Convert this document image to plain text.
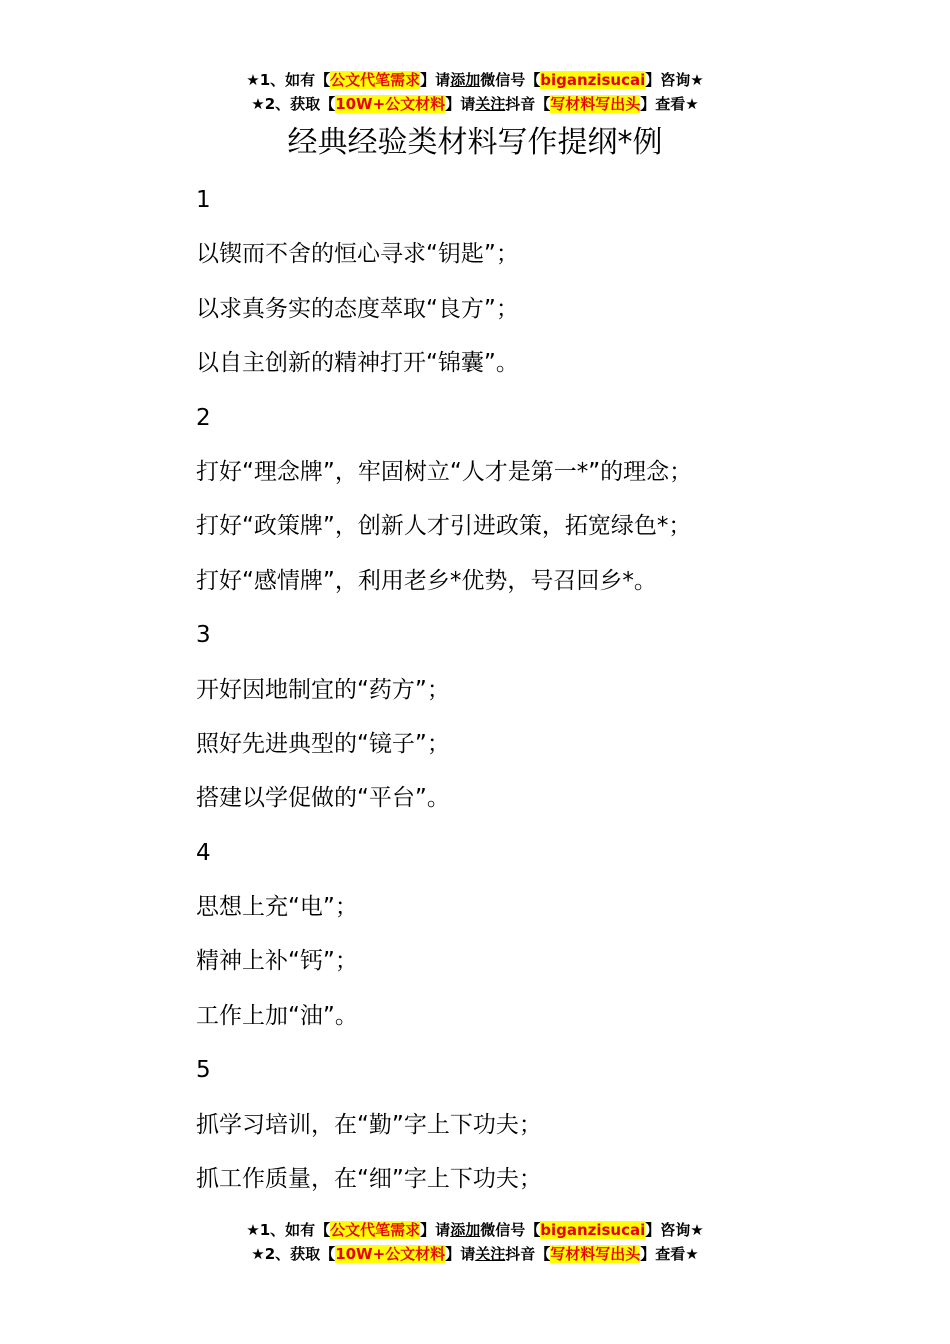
★1、如有【公文代笔需求】请添加微信号【biganzisucai】咨询★
★2、获取【10W+公文材料】请关注抖音【写材料写出头】查看★
经典经验类材料写作提纲*例

1

以锲而不舍的恒心寻求“钥匙”；

以求真务实的态度萃取“良方”；

以自主创新的精神打开“锦囊”。

2

打好“理念牌”，牢固树立“人才是第一*”的理念；

打好“政策牌”，创新人才引进政策，拓宽绿色*；

打好“感情牌”，利用老乡*优势，号召回乡*。

3

开好因地制宜的“药方”；

照好先进典型的“镜子”；

搭建以学促做的“平台”。

4

思想上充“电”；

精神上补“钙”；

工作上加“油”。

5

抓学习培训，在“勤”字上下功夫；

抓工作质量，在“细”字上下功夫；

★1、如有【公文代笔需求】请添加微信号【biganzisucai】咨询★
★2、获取【10W+公文材料】请关注抖音【写材料写出头】查看★
